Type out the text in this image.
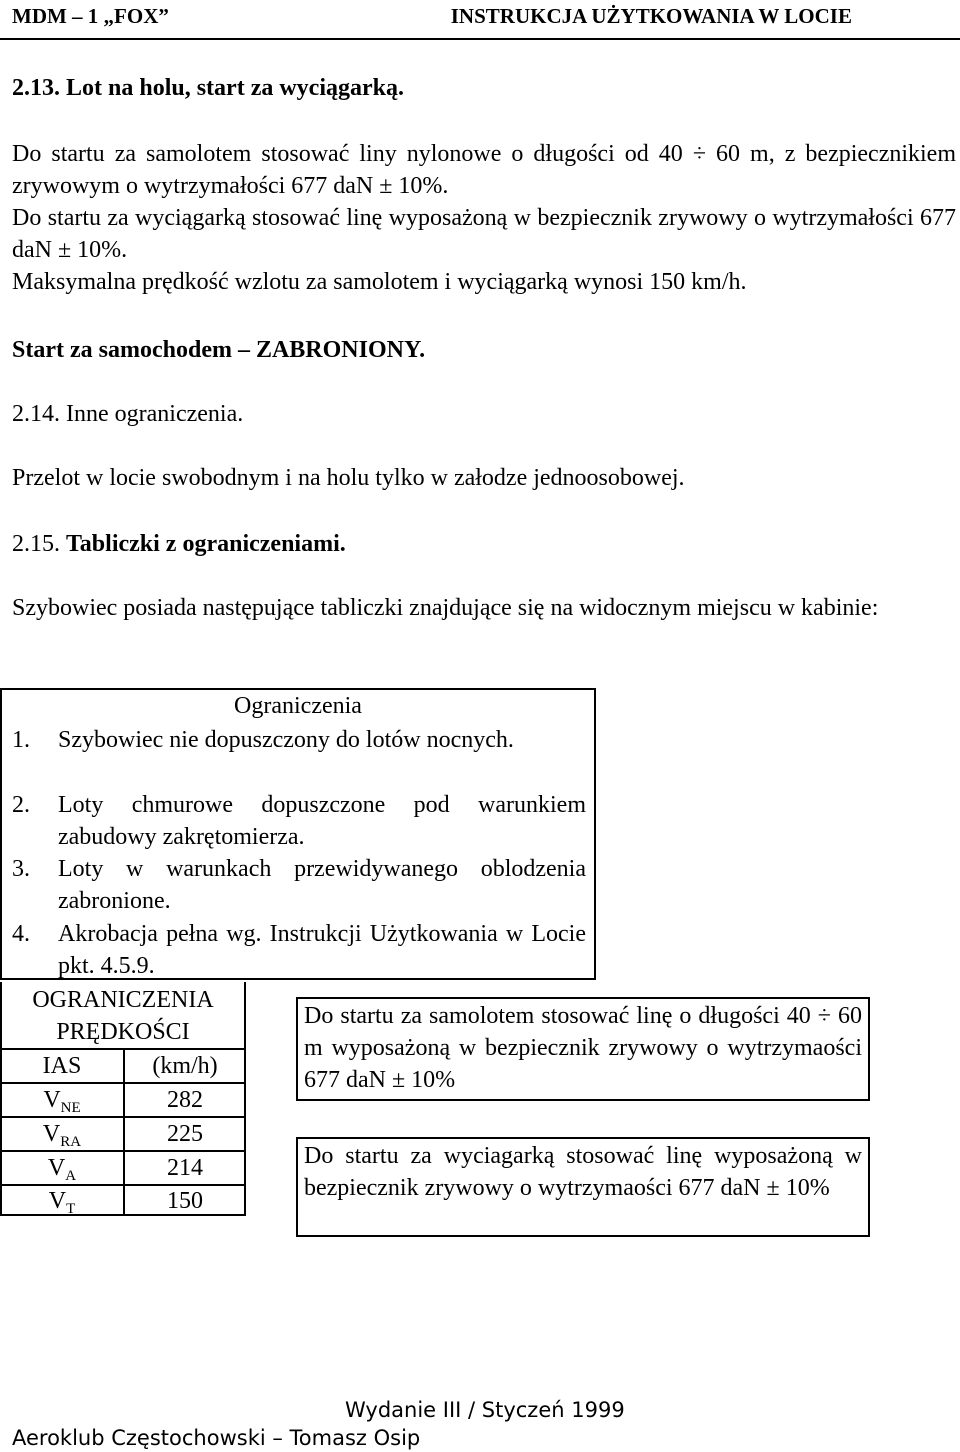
MDM – 1 „FOX”	INSTRUKCJA UŻYTKOWANIA W LOCIE
2.13. Lot na holu, start za wyciągarką.
Do startu za samolotem stosować liny nylonowe o długości od 40 ÷ 60 m, z bezpiecznikiem zrywowym o wytrzymałości 677 daN ± 10%.
Do startu za wyciągarką stosować linę wyposażoną w bezpiecznik zrywowy o wytrzymałości 677 daN ± 10%.
Maksymalna prędkość wzlotu za samolotem i wyciągarką wynosi 150 km/h.
Start za samochodem – ZABRONIONY.
2.14. Inne ograniczenia.
Przelot w locie swobodnym i na holu tylko w załodze jednoosobowej.
2.15. Tabliczki z ograniczeniami.
Szybowiec posiada następujące tabliczki znajdujące się na widocznym miejscu w kabinie:
Ograniczenia
1. Szybowiec nie dopuszczony do lotów nocnych.
2. Loty chmurowe dopuszczone pod warunkiem zabudowy zakrętomierza.
3. Loty w warunkach przewidywanego oblodzenia zabronione.
4. Akrobacja pełna wg. Instrukcji Użytkowania w Locie pkt. 4.5.9.
OGRANICZENIA
PRĘDKOŚCI
IAS	(km/h)
$V_{NE}$	282
$V_{RA}$	225
$V_A$	214
$V_T$	150
Do startu za samolotem stosować linę o długości 40 ÷ 60 m wyposażoną w bezpiecznik zrywowy o wytrzymaości 677 daN ± 10%
Do startu za wyciagarką stosować linę wyposażoną w bezpiecznik zrywowy o wytrzymaości 677 daN ± 10%
Wydanie III / Styczeń 1999
Aeroklub Częstochowski – Tomasz Osip
